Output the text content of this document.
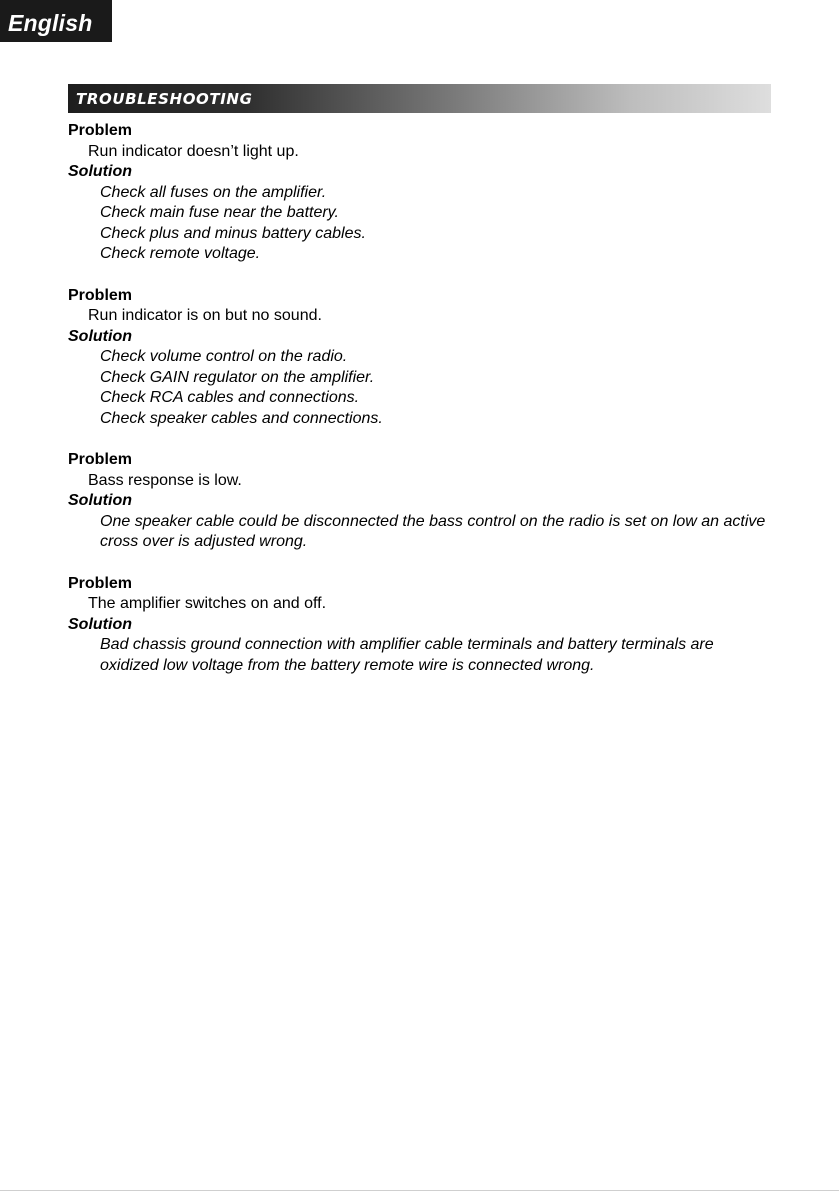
English
TROUBLESHOOTING
Problem
Run indicator doesn’t light up.
Solution
Check all fuses on the amplifier.
Check main fuse near the battery.
Check plus and minus battery cables.
Check remote voltage.
Problem
Run indicator is on but no sound.
Solution
Check volume control on the radio.
Check GAIN regulator on the amplifier.
Check RCA cables and connections.
Check speaker cables and connections.
Problem
Bass response is low.
Solution
One speaker cable could be disconnected the bass control on the radio is set on low an active cross over is adjusted wrong.
Problem
The amplifier switches on and off.
Solution
Bad chassis ground connection with amplifier cable terminals and battery terminals are oxidized low voltage from the battery remote wire is connected wrong.
